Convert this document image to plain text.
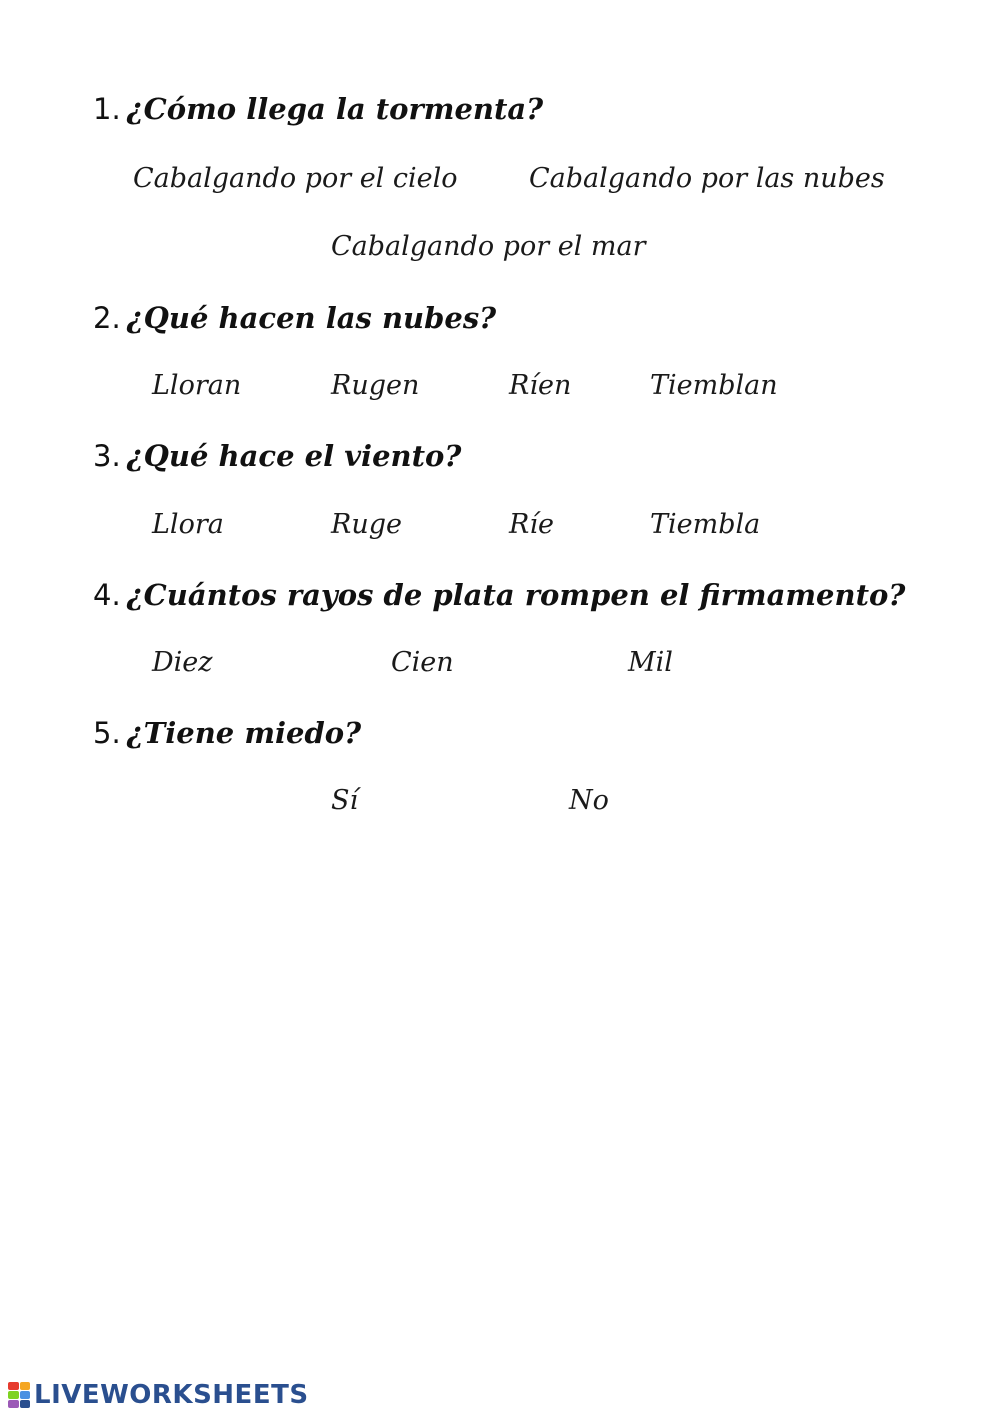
1. ¿Cómo llega la tormenta?
Cabalgando por el cielo	Cabalgando por las nubes
Cabalgando por el mar
2. ¿Qué hacen las nubes?
Lloran	Rugen	Ríen	Tiemblan
3. ¿Qué hace el viento?
Llora	Ruge	Ríe	Tiembla
4. ¿Cuántos rayos de plata rompen el firmamento?
Diez	Cien	Mil
5. ¿Tiene miedo?
Sí	No
LIVEWORKSHEETS
